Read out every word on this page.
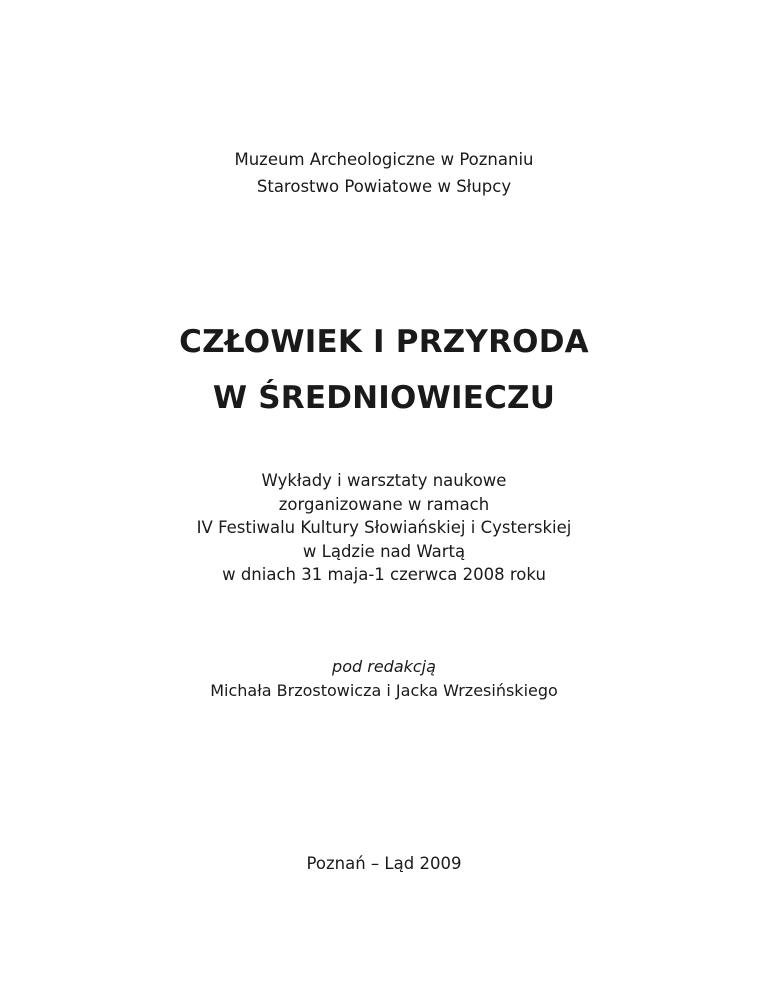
Muzeum Archeologiczne w Poznaniu
Starostwo Powiatowe w Słupcy
CZŁOWIEK I PRZYRODA
W ŚREDNIOWIECZU
Wykłady i warsztaty naukowe
zorganizowane w ramach
IV Festiwalu Kultury Słowiańskiej i Cysterskiej
w Lądzie nad Wartą
w dniach 31 maja-1 czerwca 2008 roku
pod redakcją
Michała Brzostowicza i Jacka Wrzesińskiego
Poznań – Ląd 2009
